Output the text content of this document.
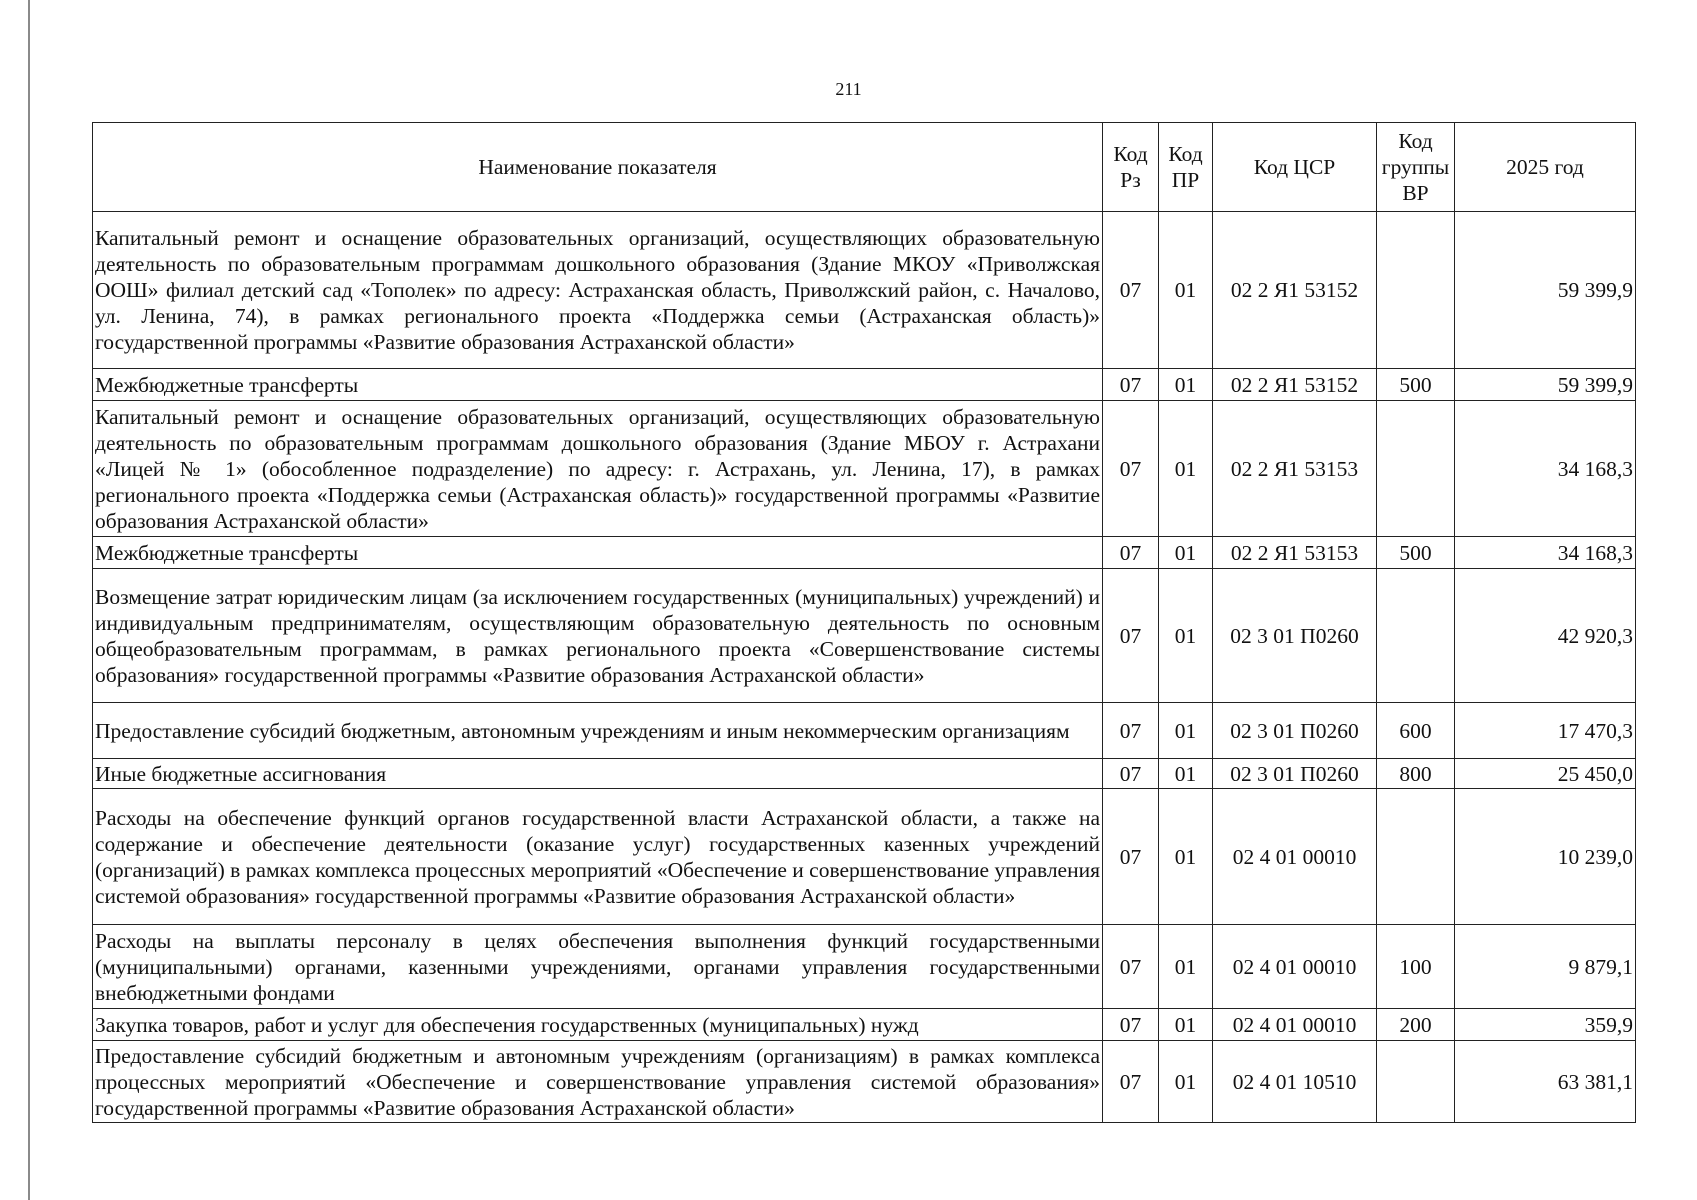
211
Наименование показателя	Код Рз	Код ПР	Код ЦСР	Код группы ВР	2025 год
Капитальный ремонт и оснащение образовательных организаций, осуществляющих образовательную деятельность по образовательным программам дошкольного образования (Здание МКОУ «Приволжская ООШ» филиал детский сад «Тополек» по адресу: Астраханская область, Приволжский район, с. Началово, ул. Ленина, 74), в рамках регионального проекта «Поддержка семьи (Астраханская область)» государственной программы «Развитие образования Астраханской области»	07	01	02 2 Я1 53152		59 399,9
Межбюджетные трансферты	07	01	02 2 Я1 53152	500	59 399,9
Капитальный ремонт и оснащение образовательных организаций, осуществляющих образовательную деятельность по образовательным программам дошкольного образования (Здание МБОУ г. Астрахани «Лицей № 1» (обособленное подразделение) по адресу: г. Астрахань, ул. Ленина, 17), в рамках регионального проекта «Поддержка семьи (Астраханская область)» государственной программы «Развитие образования Астраханской области»	07	01	02 2 Я1 53153		34 168,3
Межбюджетные трансферты	07	01	02 2 Я1 53153	500	34 168,3
Возмещение затрат юридическим лицам (за исключением государственных (муниципальных) учреждений) и индивидуальным предпринимателям, осуществляющим образовательную деятельность по основным общеобразовательным программам, в рамках регионального проекта «Совершенствование системы образования» государственной программы «Развитие образования Астраханской области»	07	01	02 3 01 П0260		42 920,3
Предоставление субсидий бюджетным, автономным учреждениям и иным некоммерческим организациям	07	01	02 3 01 П0260	600	17 470,3
Иные бюджетные ассигнования	07	01	02 3 01 П0260	800	25 450,0
Расходы на обеспечение функций органов государственной власти Астраханской области, а также на содержание и обеспечение деятельности (оказание услуг) государственных казенных учреждений (организаций) в рамках комплекса процессных мероприятий «Обеспечение и совершенствование управления системой образования» государственной программы «Развитие образования Астраханской области»	07	01	02 4 01 00010		10 239,0
Расходы на выплаты персоналу в целях обеспечения выполнения функций государственными (муниципальными) органами, казенными учреждениями, органами управления государственными внебюджетными фондами	07	01	02 4 01 00010	100	9 879,1
Закупка товаров, работ и услуг для обеспечения государственных (муниципальных) нужд	07	01	02 4 01 00010	200	359,9
Предоставление субсидий бюджетным и автономным учреждениям (организациям) в рамках комплекса процессных мероприятий «Обеспечение и совершенствование управления системой образования» государственной программы «Развитие образования Астраханской области»	07	01	02 4 01 10510		63 381,1
